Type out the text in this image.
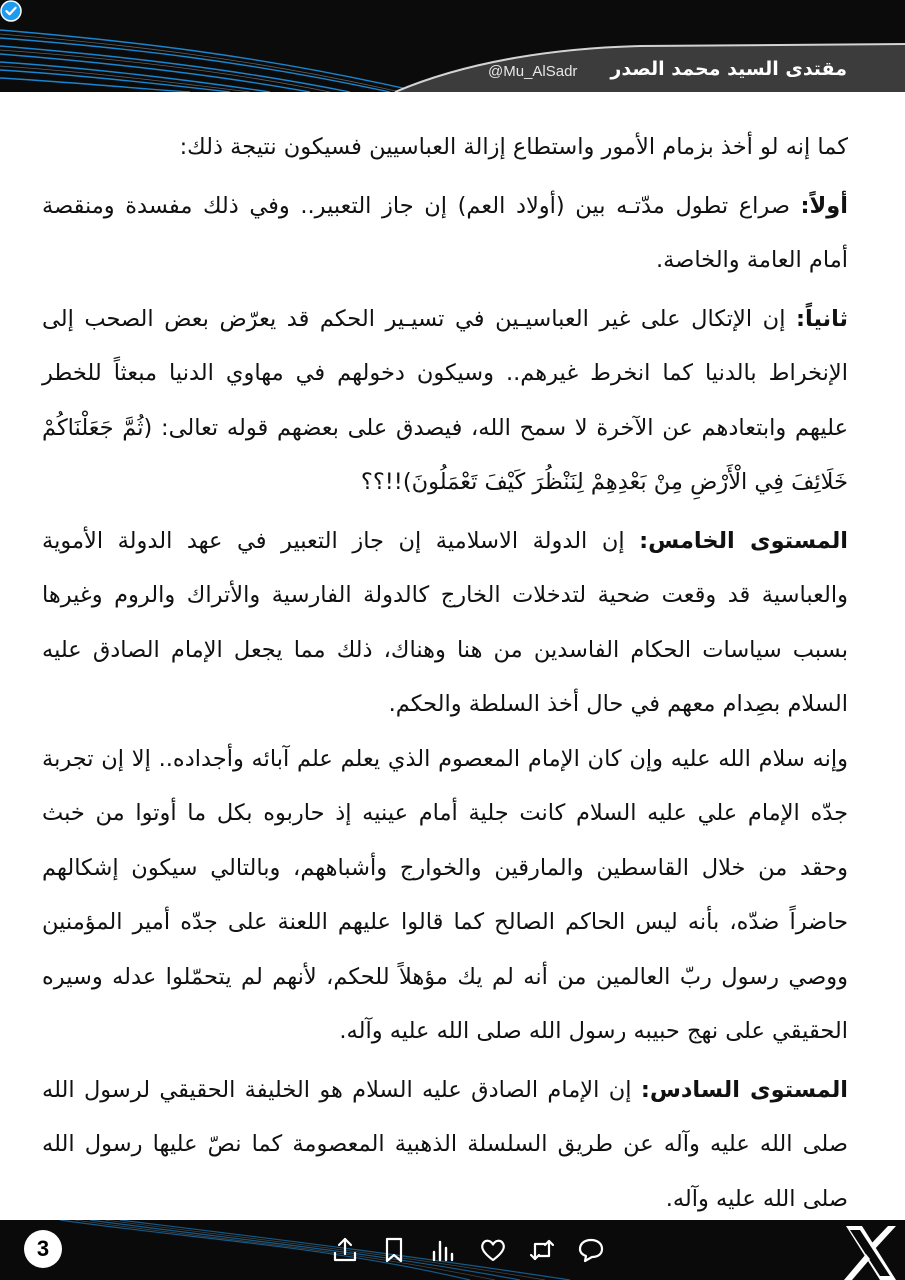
مقتدى السيد محمد الصدر
@Mu_AlSadr

كما إنه لو أخذ بزمام الأمور واستطاع إزالة العباسيين فسيكون نتيجة ذلك:

أولاً: صراع تطول مدّتـه بين (أولاد العم) إن جاز التعبير.. وفي ذلك مفسدة ومنقصة أمام العامة والخاصة.

ثانياً: إن الإتكال على غير العباسيـين في تسيـير الحكم قد يعرّض بعض الصحب إلى الإنخراط بالدنيا كما انخرط غيرهم.. وسيكون دخولهم في مهاوي الدنيا مبعثاً للخطر عليهم وابتعادهم عن الآخرة لا سمح الله، فيصدق على بعضهم قوله تعالى: (ثُمَّ جَعَلْنَاكُمْ خَلَائِفَ فِي الْأَرْضِ مِنْ بَعْدِهِمْ لِنَنْظُرَ كَيْفَ تَعْمَلُونَ)!!؟؟

المستوى الخامس: إن الدولة الاسلامية إن جاز التعبير في عهد الدولة الأموية والعباسية قد وقعت ضحية لتدخلات الخارج كالدولة الفارسية والأتراك والروم وغيرها بسبب سياسات الحكام الفاسدين من هنا وهناك، ذلك مما يجعل الإمام الصادق عليه السلام بصِدام معهم في حال أخذ السلطة والحكم.

وإنه سلام الله عليه وإن كان الإمام المعصوم الذي يعلم علم آبائه وأجداده.. إلا إن تجربة جدّه الإمام علي عليه السلام كانت جلية أمام عينيه إذ حاربوه بكل ما أوتوا من خبث وحقد من خلال القاسطين والمارقين والخوارج وأشباههم، وبالتالي سيكون إشكالهم حاضراً ضدّه، بأنه ليس الحاكم الصالح كما قالوا عليهم اللعنة على جدّه أمير المؤمنين ووصي رسول ربّ العالمين من أنه لم يك مؤهلاً للحكم، لأنهم لم يتحمّلوا عدله وسيره الحقيقي على نهج حبيبه رسول الله صلى الله عليه وآله.

المستوى السادس: إن الإمام الصادق عليه السلام هو الخليفة الحقيقي لرسول الله صلى الله عليه وآله عن طريق السلسلة الذهبية المعصومة كما نصّ عليها رسول الله صلى الله عليه وآله.

3
